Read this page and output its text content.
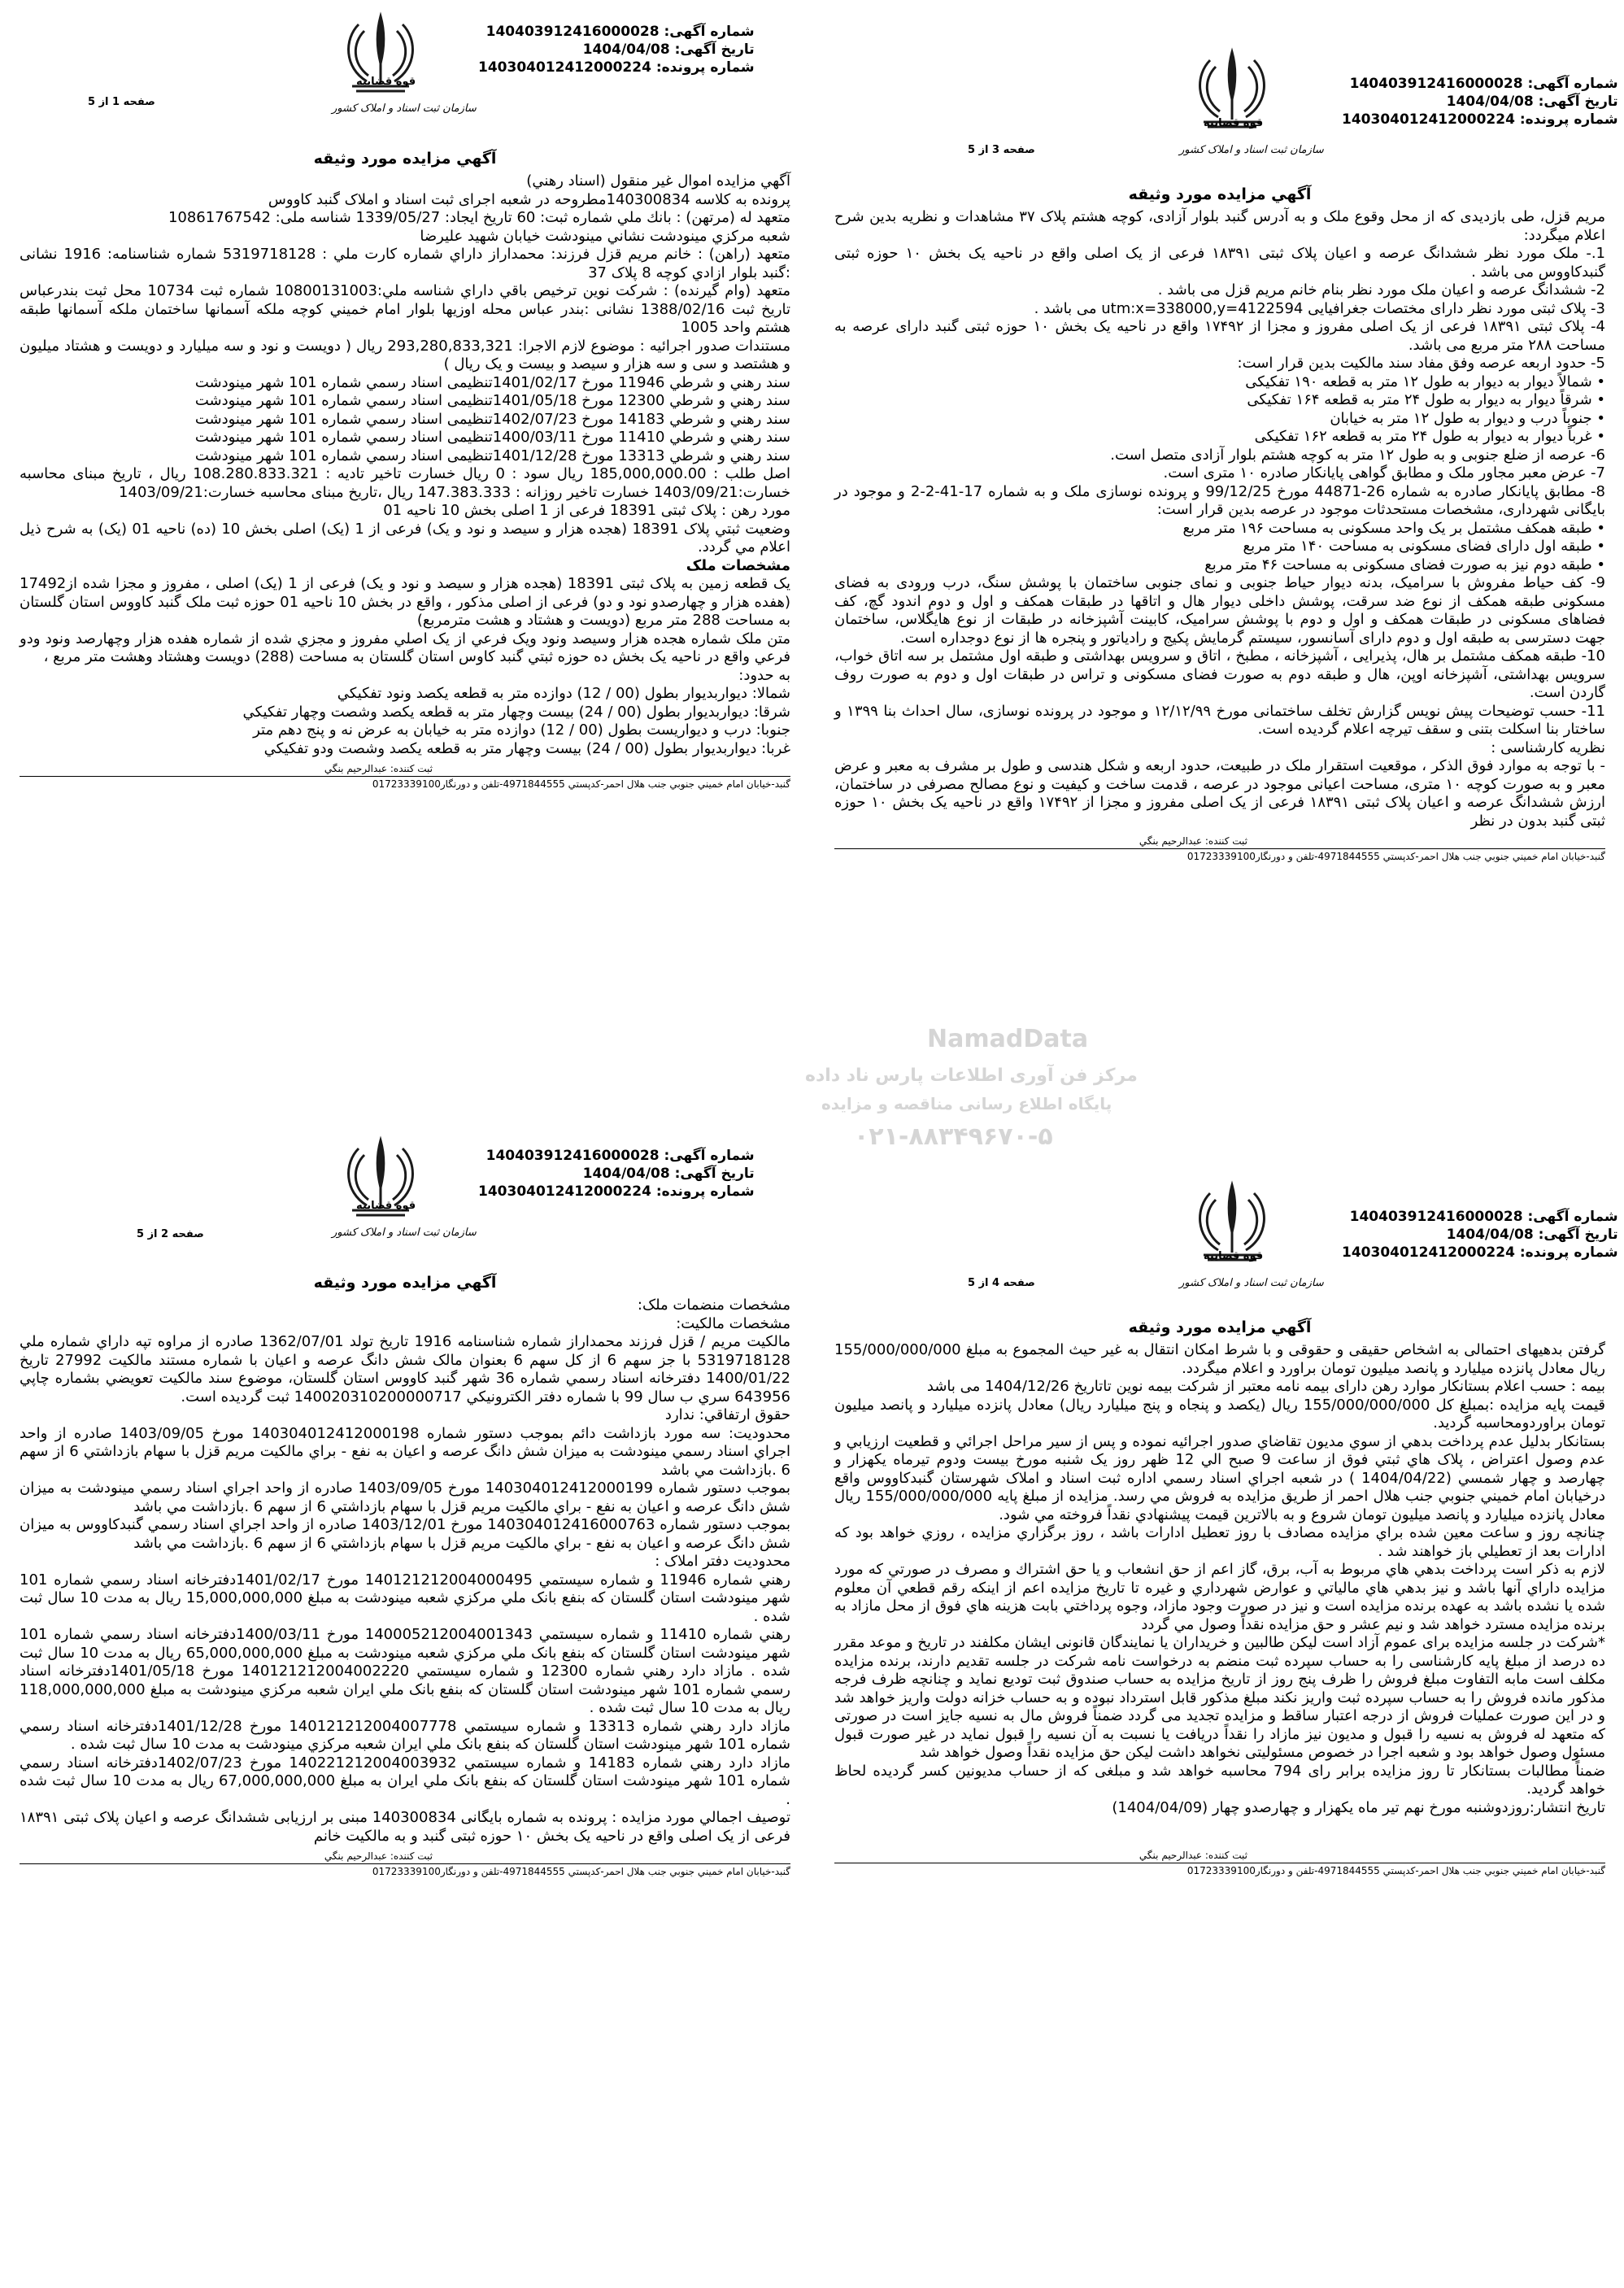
قوه قضاییه
سازمان ثبت اسناد و املاک کشور
شماره آگهی: 140403912416000028
تاریخ آگهی: 1404/04/08
شماره پرونده: 140304012412000224
صفحه 1 از 5
آگهي مزايده مورد وثيقه

آگهي مزايده اموال غير منقول (اسناد رهني)

پرونده به کلاسه 140300834مطروحه در شعبه اجرای ثبت اسناد و املاک گنبد کاووس

متعهد له (مرتهن) : بانك ملي شماره ثبت: 60 تاريخ ايجاد: 1339/05/27 شناسه ملی: 10861767542

شعبه مرکزي مينودشت نشاني مينودشت خيابان شهيد عليرضا

متعهد (راهن) : خانم مريم قزل فرزند: محمداراز داراي شماره کارت ملي : 5319718128 شماره شناسنامه: 1916 نشانی :گنبد بلوار ازادي کوچه 8 پلاک 37

متعهد (وام گيرنده) : شرکت نوين ترخيص باقي داراي شناسه ملي:10800131003 شماره ثبت 10734 محل ثبت بندرعباس تاريخ ثبت 1388/02/16 نشانی :بندر عباس محله اوزيها بلوار امام خميني کوچه ملکه آسمانها ساختمان ملکه آسمانها طبقه هشتم واحد 1005

مستندات صدور اجرائيه : موضوع لازم الاجرا: 293,280,833,321 ريال ( دویست و نود و سه میلیارد و دویست و هشتاد میلیون و هشتصد و سی و سه هزار و سیصد و بیست و یک ریال )

سند رهني و شرطي 11946 مورخ 1401/02/17تنظيمی اسناد رسمي شماره 101 شهر مينودشت

سند رهني و شرطي 12300 مورخ 1401/05/18تنظيمی اسناد رسمي شماره 101 شهر مينودشت

سند رهني و شرطي 14183 مورخ 1402/07/23تنظيمی اسناد رسمي شماره 101 شهر مينودشت

سند رهني و شرطي 11410 مورخ 1400/03/11تنظيمی اسناد رسمي شماره 101 شهر مينودشت

سند رهني و شرطي 13313 مورخ 1401/12/28تنظيمی اسناد رسمي شماره 101 شهر مينودشت

اصل طلب : 185,000,000.00 ريال سود : 0 ريال خسارت تاخير تاديه : 108.280.833.321 ريال ، تاریخ مبنای محاسبه خسارت:1403/09/21 خسارت تاخير روزانه : 147.383.333 ريال ،تاریخ مبنای محاسبه خسارت:1403/09/21

مورد رهن : پلاک ثبتی 18391 فرعی از 1 اصلی بخش 10 ناحيه 01

وضعيت ثبتي پلاک 18391 (هجده هزار و سيصد و نود و يک) فرعی از 1 (يک) اصلی بخش 10 (ده) ناحيه 01 (يک) به شرح ذيل اعلام مي گردد.

مشخصات ملک

يک قطعه زمين به پلاک ثبتی 18391 (هجده هزار و سيصد و نود و يک) فرعی از 1 (يک) اصلی ، مفروز و مجزا شده از17492 (هفده هزار و چهارصدو نود و دو) فرعی از اصلی مذکور ، واقع در بخش 10 ناحيه 01 حوزه ثبت ملک گنبد کاووس استان گلستان به مساحت 288 متر مربع (دويست و هشتاد و هشت مترمربع)

متن ملک شماره هجده هزار وسيصد ونود ويک فرعي از يک اصلي مفروز و مجزي شده از شماره هفده هزار وچهارصد ونود ودو فرعي واقع در ناحيه يک بخش ده حوزه ثبتي گنبد کاوس استان گلستان به مساحت (288) دويست وهشتاد وهشت متر مربع ،

به حدود:

شمالا: ديواربديوار بطول (00 / 12) دوازده متر به قطعه يکصد ونود تفکيکي

شرقا: ديواربديوار بطول (00 / 24) بيست وچهار متر به قطعه يکصد وشصت وچهار تفکيکي

جنوبا: درب و ديواريست بطول (00 / 12) دوازده متر به خيابان به عرض نه و پنج دهم متر

غربا: ديواربديوار بطول (00 / 24) بيست وچهار متر به قطعه يکصد وشصت ودو تفکيکي

ثبت کننده: عبدالرحيم بنگي
گنبد-خيابان امام خميني جنوبي جنب هلال احمر-کدپستي 4971844555-تلفن و دورنگار01723339100
قوه قضاییه
سازمان ثبت اسناد و املاک کشور
شماره آگهی: 140403912416000028
تاریخ آگهی: 1404/04/08
شماره پرونده: 140304012412000224
صفحه 3 از 5
آگهي مزايده مورد وثيقه

مریم قزل، طی بازدیدی که از محل وقوع ملک و به آدرس گنبد بلوار آزادی، کوچه هشتم پلاک ۳۷ مشاهدات و نظریه بدین شرح اعلام میگردد:

1.- ملک مورد نظر ششدانگ عرصه و اعیان پلاک ثبتی ۱۸۳۹۱ فرعی از یک اصلی واقع در ناحیه یک بخش ۱۰ حوزه ثبتی گنبدکاووس می باشد .

2- ششدانگ عرصه و اعیان ملک مورد نظر بنام خانم مریم قزل می باشد .

3- پلاک ثبتی مورد نظر دارای مختصات جغرافیایی utm:x=338000,y=4122594 می باشد .

4- پلاک ثبتی ۱۸۳۹۱ فرعی از یک اصلی مفروز و مجزا از ۱۷۴۹۲ واقع در ناحیه یک بخش ۱۰ حوزه ثبتی گنبد دارای عرصه به مساحت ۲۸۸ متر مربع می باشد.

5- حدود اربعه عرصه وفق مفاد سند مالکیت بدین قرار است:

• شمالاً دیوار به دیوار به طول ۱۲ متر به قطعه ۱۹۰ تفکیکی

• شرقاً دیوار به دیوار به طول ۲۴ متر به قطعه ۱۶۴ تفکیکی

• جنوباً درب و دیوار به طول ۱۲ متر به خیابان

• غرباً دیوار به دیوار به طول ۲۴ متر به قطعه ۱۶۲ تفکیکی

6- عرصه از ضلع جنوبی و به طول ۱۲ متر به کوچه هشتم بلوار آزادی متصل است.

7- عرض معبر مجاور ملک و مطابق گواهی پایانکار صادره ۱۰ متری است.

8- مطابق پایانکار صادره به شماره 26-44871 مورخ 99/12/25 و پرونده نوسازی ملک و به شماره 17-41-2-2 و موجود در بایگانی شهرداری، مشخصات مستحدثات موجود در عرصه بدین قرار است:

• طبقه همکف مشتمل بر یک واحد مسکونی به مساحت ۱۹۶ متر مربع

• طبقه اول دارای فضای مسکونی به مساحت ۱۴۰ متر مربع

• طبقه دوم نیز به صورت فضای مسکونی به مساحت ۴۶ متر مربع

9- کف حیاط مفروش با سرامیک، بدنه دیوار حیاط جنوبی و نمای جنوبی ساختمان با پوشش سنگ، درب ورودی به فضای مسکونی طبقه همکف از نوع ضد سرقت، پوشش داخلی دیوار هال و اتاقها در طبقات همکف و اول و دوم اندود گچ، کف فضاهای مسکونی در طبقات همکف و اول و دوم با پوشش سرامیک، کابینت آشپزخانه در طبقات از نوع هایگلاس، ساختمان جهت دسترسی به طبقه اول و دوم دارای آسانسور، سیستم گرمایش پکیج و رادیاتور و پنجره ها از نوع دوجداره است.

10- طبقه همکف مشتمل بر هال، پذیرایی ، آشپزخانه ، مطبخ ، اتاق و سرویس بهداشتی و طبقه اول مشتمل بر سه اتاق خواب، سرویس بهداشتی، آشپزخانه اوپن، هال و طبقه دوم به صورت فضای مسکونی و تراس در طبقات اول و دوم به صورت روف گاردن است.

11- حسب توضیحات پیش نویس گزارش تخلف ساختمانی مورخ ۱۲/۱۲/۹۹ و موجود در پرونده نوسازی، سال احداث بنا ۱۳۹۹ و ساختار بنا اسکلت بتنی و سقف تیرچه اعلام گردیده است.

نظریه کارشناسی :

- با توجه به موارد فوق الذکر ، موقعیت استقرار ملک در طبیعت، حدود اربعه و شکل هندسی و طول بر مشرف به معبر و عرض معبر و به صورت کوچه ۱۰ متری، مساحت اعیانی موجود در عرصه ، قدمت ساخت و کیفیت و نوع مصالح مصرفی در ساختمان، ارزش ششدانگ عرصه و اعیان پلاک ثبتی ۱۸۳۹۱ فرعی از یک اصلی مفروز و مجزا از ۱۷۴۹۲ واقع در ناحیه یک بخش ۱۰ حوزه ثبتی گنبد بدون در نظر

ثبت کننده: عبدالرحيم بنگي
گنبد-خيابان امام خميني جنوبي جنب هلال احمر-کدپستي 4971844555-تلفن و دورنگار01723339100
قوه قضاییه
سازمان ثبت اسناد و املاک کشور
شماره آگهی: 140403912416000028
تاریخ آگهی: 1404/04/08
شماره پرونده: 140304012412000224
صفحه 2 از 5
آگهي مزايده مورد وثيقه

مشخصات منضمات ملک:

مشخصات مالكيت:

مالکيت مريم / قزل فرزند محمداراز شماره شناسنامه 1916 تاريخ تولد 1362/07/01 صادره از مراوه تپه داراي شماره ملي 5319718128 با جز سهم 6 از کل سهم 6 بعنوان مالک شش دانگ عرصه و اعيان با شماره مستند مالکيت 27992 تاريخ 1400/01/22 دفترخانه اسناد رسمي شماره 36 شهر گنبد کاووس استان گلستان، موضوع سند مالكيت تعويضي بشماره چاپي 643956 سري ب سال 99 با شماره دفتر الكترونيكي 140020310200000717 ثبت گرديده است.

حقوق ارتفاقي: ندارد

محدوديت: سه مورد بازداشت دائم بموجب دستور شماره 140304012412000198 مورخ 1403/09/05 صادره از واحد اجراي اسناد رسمي مينودشت به ميزان شش دانگ عرصه و اعيان به نفع - براي مالکيت مريم قزل با سهام بازداشتي 6 از سهم 6 .بازداشت مي باشد

بموجب دستور شماره 140304012412000199 مورخ 1403/09/05 صادره از واحد اجراي اسناد رسمي مينودشت به ميزان شش دانگ عرصه و اعيان به نفع - براي مالکيت مريم قزل با سهام بازداشتي 6 از سهم 6 .بازداشت مي باشد

بموجب دستور شماره 140304012416000763 مورخ 1403/12/01 صادره از واحد اجراي اسناد رسمي گنبدکاووس به ميزان شش دانگ عرصه و اعيان به نفع - براي مالکيت مريم قزل با سهام بازداشتي 6 از سهم 6 .بازداشت مي باشد

محدوديت دفتر املاک :

رهني شماره 11946 و شماره سيستمي 140121212004000495 مورخ 1401/02/17دفترخانه اسناد رسمي شماره 101 شهر مينودشت استان گلستان که بنفع بانک ملي مرکزي شعبه مينودشت به مبلغ 15,000,000,000 ريال به مدت 10 سال ثبت شده .

رهني شماره 11410 و شماره سيستمي 140005212004001343 مورخ 1400/03/11دفترخانه اسناد رسمي شماره 101 شهر مينودشت استان گلستان که بنفع بانک ملي مرکزي شعبه مينودشت به مبلغ 65,000,000,000 ريال به مدت 10 سال ثبت شده . مازاد دارد رهني شماره 12300 و شماره سيستمي 140121212004002220 مورخ 1401/05/18دفترخانه اسناد رسمي شماره 101 شهر مينودشت استان گلستان که بنفع بانک ملي ايران شعبه مرکزي مينودشت به مبلغ 118,000,000,000 ريال به مدت 10 سال ثبت شده .

مازاد دارد رهني شماره 13313 و شماره سيستمي 140121212004007778 مورخ 1401/12/28دفترخانه اسناد رسمي شماره 101 شهر مينودشت استان گلستان که بنفع بانک ملي ايران شعبه مرکزي مينودشت به مدت 10 سال ثبت شده .

مازاد دارد رهني شماره 14183 و شماره سيستمي 140221212004003932 مورخ 1402/07/23دفترخانه اسناد رسمي شماره 101 شهر مينودشت استان گلستان که بنفع بانک ملي ايران به مبلغ 67,000,000,000 ريال به مدت 10 سال ثبت شده .

توصيف اجمالي مورد مزايده : پرونده به شماره بايگانی 140300834 مبنی بر ارزیابی ششدانگ عرصه و اعیان پلاک ثبتی ۱۸۳۹۱ فرعی از یک اصلی واقع در ناحیه یک بخش ۱۰ حوزه ثبتی گنبد و به مالکیت خانم

ثبت کننده: عبدالرحيم بنگي
گنبد-خيابان امام خميني جنوبي جنب هلال احمر-کدپستي 4971844555-تلفن و دورنگار01723339100
قوه قضاییه
سازمان ثبت اسناد و املاک کشور
شماره آگهی: 140403912416000028
تاریخ آگهی: 1404/04/08
شماره پرونده: 140304012412000224
صفحه 4 از 5
آگهي مزايده مورد وثيقه

گرفتن بدهیهای احتمالی به اشخاص حقیقی و حقوقی و با شرط امکان انتقال به غیر حیث المجموع به مبلغ 155/000/000/000 ریال معادل پانزده میلیارد و پانصد میلیون تومان براورد و اعلام میگردد.

بیمه : حسب اعلام بستانکار موارد رهن دارای بیمه نامه معتبر از شرکت بیمه نوین تاتاریخ 1404/12/26 می باشد

قیمت پایه مزایده :بمبلغ کل 155/000/000/000 ريال (يکصد و پنجاه و پنج ميليارد ريال) معادل پانزده ميليارد و پانصد میلیون تومان براوردومحاسبه گردید.

بستانکار بدليل عدم پرداخت بدهي از سوي مديون تقاضاي صدور اجرائيه نموده و پس از سير مراحل اجرائي و قطعيت ارزيابي و عدم وصول اعتراض ، پلاک هاي ثبتي فوق از ساعت 9 صبح الي 12 ظهر روز يک شنبه مورخ بيست ودوم تيرماه يکهزار و چهارصد و چهار شمسي (1404/04/22 ) در شعبه اجراي اسناد رسمي اداره ثبت اسناد و املاک شهرستان گنبدكاووس واقع درخیابان امام خميني جنوبي جنب هلال احمر از طريق مزايده به فروش مي رسد. مزايده از مبلغ پايه 155/000/000/000 ريال معادل پانزده ميليارد و پانصد ميليون تومان شروع و به بالاترين قيمت پيشنهادي نقداً فروخته مي شود.

چنانچه روز و ساعت معين شده براي مزايده مصادف با روز تعطيل ادارات باشد ، روز برگزاري مزايده ، روزي خواهد بود كه ادارات بعد از تعطيلي باز خواهند شد .

لازم به ذكر است پرداخت بدهي هاي مربوط به آب، برق، گاز اعم از حق انشعاب و يا حق اشتراك و مصرف در صورتي كه مورد مزايده داراي آنها باشد و نيز بدهي هاي مالياتي و عوارض شهرداري و غيره تا تاريخ مزايده اعم از اينكه رقم قطعي آن معلوم شده يا نشده باشد به عهده برنده مزايده است و نيز در صورت وجود مازاد، وجوه پرداختي بابت هزينه هاي فوق از محل مازاد به برنده مزايده مسترد خواهد شد و نيم عشر و حق مزايده نقداً وصول مي گردد

*شرکت در جلسه مزایده برای عموم آزاد است لیکن طالبین و خریداران یا نمایندگان قانونی ایشان مکلفند در تاریخ و موعد مقرر ده درصد از مبلغ پایه کارشناسی را به حساب سپرده ثبت منضم به درخواست نامه شرکت در جلسه تقدیم دارند، برنده مزایده مکلف است مابه التفاوت مبلغ فروش را ظرف پنج روز از تاریخ مزایده به حساب صندوق ثبت تودیع نماید و چنانچه ظرف فرجه مذکور مانده فروش را به حساب سپرده ثبت واریز نکند مبلغ مذکور قابل استرداد نبوده و به حساب خزانه دولت واریز خواهد شد و در این صورت عملیات فروش از درجه اعتبار ساقط و مزایده تجدید می گردد ضمناً فروش مال به نسیه جایز است در صورتی که متعهد له فروش به نسیه را قبول و مدیون نیز مازاد را نقداً دریافت یا نسبت به آن نسیه را قبول نماید در غیر صورت قبول مسئول وصول خواهد بود و شعبه اجرا در خصوص مسئولیتی نخواهد داشت لیکن حق مزایده نقداً وصول خواهد شد

ضمناً مطالبات بستانکار تا روز مزایده برابر رای 794 محاسبه خواهد شد و مبلغی که از حساب مدیونین کسر گردیده لحاظ خواهد گردید.

تاریخ انتشار:روزدوشنبه مورخ نهم تیر ماه یکهزار و چهارصدو چهار (1404/04/09)

ثبت کننده: عبدالرحيم بنگي
گنبد-خيابان امام خميني جنوبي جنب هلال احمر-کدپستي 4971844555-تلفن و دورنگار01723339100
NamadData
مرکز فن آوری اطلاعات پارس ناد داده
پایگاه اطلاع رسانی مناقصه و مزایده
۰۲۱-۸۸۳۴۹۶۷۰-۵
